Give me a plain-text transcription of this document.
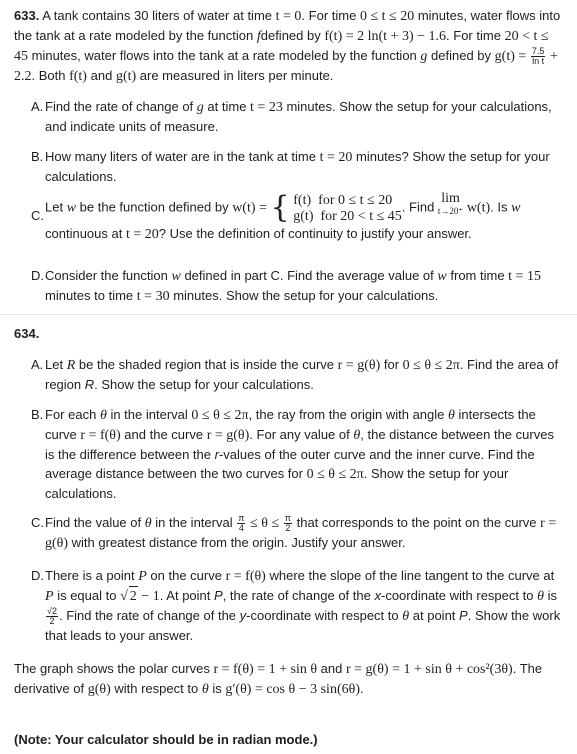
633. A tank contains 30 liters of water at time t = 0. For time 0 ≤ t ≤ 20 minutes, water flows into the tank at a rate modeled by the function fdefined by f(t) = 2 ln(t + 3) − 1.6. For time 20 < t ≤ 45 minutes, water flows into the tank at a rate modeled by the function g defined by $g(t) = \frac{7.5}{\text{ln t}} + 2.2$. Both f(t) and g(t) are measured in liters per minute.
A. Find the rate of change of g at time t = 23 minutes. Show the setup for your calculations, and indicate units of measure.
B. How many liters of water are in the tank at time t = 20 minutes? Show the setup for your calculations.
C.
Let w be the function defined by w(t) = { f(t) for 0 ≤ t ≤ 20
g(t) for 20 < t ≤ 45. Find lim
t→20⁺ w(t). Is w
continuous at t = 20? Use the definition of continuity to justify your answer.
D. Consider the function w defined in part C. Find the average value of w from time t = 15 minutes to time t = 30 minutes. Show the setup for your calculations.
634.
A. Let R be the shaded region that is inside the curve r = g(θ) for 0 ≤ θ ≤ 2π. Find the area of region R. Show the setup for your calculations.
B. For each θ in the interval 0 ≤ θ ≤ 2π, the ray from the origin with angle θ intersects the curve r = f(θ) and the curve r = g(θ). For any value of θ, the distance between the curves is the difference between the r-values of the outer curve and the inner curve. Find the average distance between the two curves for 0 ≤ θ ≤ 2π. Show the setup for your calculations.
C. Find the value of θ in the interval $\frac{\pi}{4} \le \theta \le \frac{\pi}{2}$ that corresponds to the point on the curve r = g(θ) with greatest distance from the origin. Justify your answer.
D. There is a point P on the curve r = f(θ) where the slope of the line tangent to the curve at P is equal to √ 2 − 1. At point P, the rate of change of the x-coordinate with respect to θ is
$\frac{√2}{2}$ . Find the rate of change of the y-coordinate with respect to θ at point P. Show the work that leads to your answer.
The graph shows the polar curves r = f(θ) = 1 + sin θ and r = g(θ) = 1 + sin θ + cos²(3θ). The derivative of g(θ) with respect to θ is g′(θ) = cos θ − 3 sin(6θ).
(Note: Your calculator should be in radian mode.)
